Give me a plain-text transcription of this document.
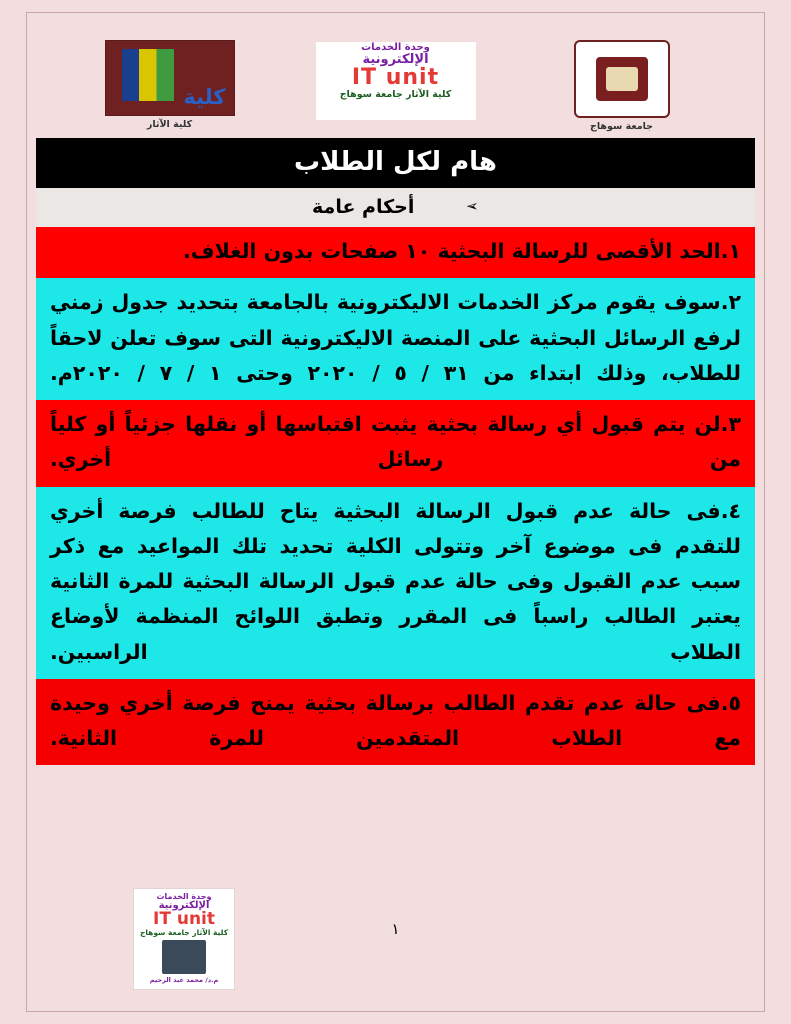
كلية
كلية الآثار
وحدة الخدمات
الإلكترونية
IT unit
كلية الآثار جامعة سوهاج
جامعة سوهاج
هام لكل الطلاب
➢أحكام عامة
١.الحد الأقصى للرسالة البحثية ١٠ صفحات بدون الغلاف.
٢.سوف يقوم مركز الخدمات الاليكترونية بالجامعة بتحديد جدول زمني لرفع الرسائل البحثية على المنصة الاليكترونية التى سوف تعلن لاحقاً للطلاب، وذلك ابتداء من ٣١ / ٥ / ٢٠٢٠ وحتى ١ / ٧ / ٢٠٢٠م.
٣.لن يتم قبول أي رسالة بحثية يثبت اقتباسها أو نقلها جزئياً أو كلياً من رسائل أخري.
٤.فى حالة عدم قبول الرسالة البحثية يتاح للطالب فرصة أخري للتقدم فى موضوع آخر وتتولى الكلية تحديد تلك المواعيد مع ذكر سبب عدم القبول وفى حالة عدم قبول الرسالة البحثية للمرة الثانية يعتبر الطالب راسباً فى المقرر وتطبق اللوائح المنظمة لأوضاع الطلاب الراسبين.
٥.فى حالة عدم تقدم الطالب برسالة بحثية يمنح فرصة أخري وحيدة مع الطلاب المتقدمين للمرة الثانية.
وحدة الخدمات
الإلكترونية
IT unit
كلية الآثار جامعة سوهاج
م.د/ محمد عبد الرحيم
١
